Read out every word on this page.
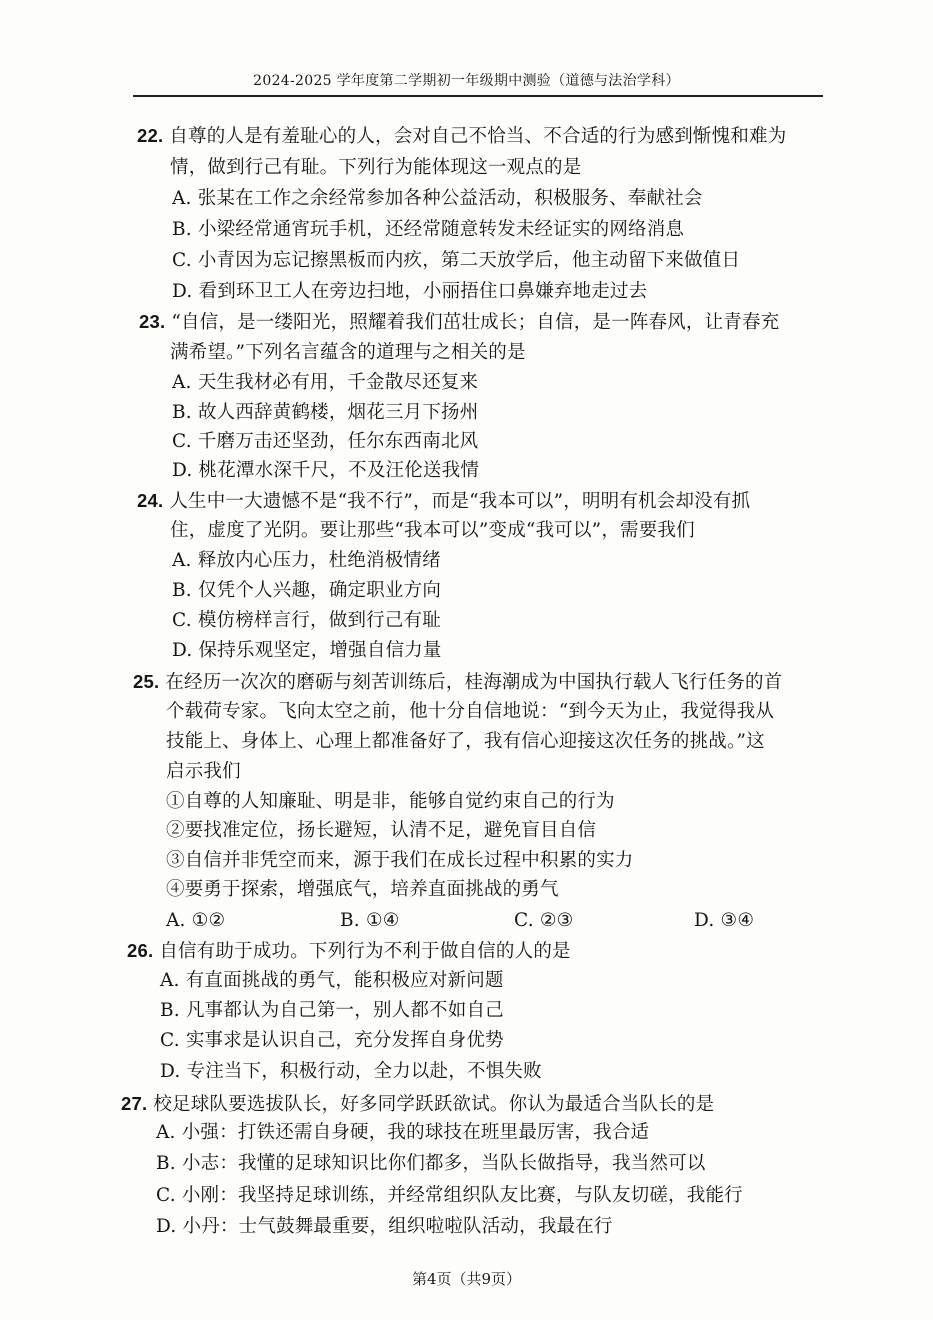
2024-2025 学年度第二学期初一年级期中测验（道德与法治学科）
22. 自尊的人是有羞耻心的人，会对自己不恰当、不合适的行为感到惭愧和难为
情，做到行己有耻。下列行为能体现这一观点的是
A. 张某在工作之余经常参加各种公益活动，积极服务、奉献社会
B. 小梁经常通宵玩手机，还经常随意转发未经证实的网络消息
C. 小青因为忘记擦黑板而内疚，第二天放学后，他主动留下来做值日
D. 看到环卫工人在旁边扫地，小丽捂住口鼻嫌弃地走过去
23. “自信，是一缕阳光，照耀着我们茁壮成长；自信，是一阵春风，让青春充
满希望。”下列名言蕴含的道理与之相关的是
A. 天生我材必有用，千金散尽还复来
B. 故人西辞黄鹤楼，烟花三月下扬州
C. 千磨万击还坚劲，任尔东西南北风
D. 桃花潭水深千尺，不及汪伦送我情
24. 人生中一大遗憾不是“我不行”，而是“我本可以”，明明有机会却没有抓
住，虚度了光阴。要让那些“我本可以”变成“我可以”，需要我们
A. 释放内心压力，杜绝消极情绪
B. 仅凭个人兴趣，确定职业方向
C. 模仿榜样言行，做到行己有耻
D. 保持乐观坚定，增强自信力量
25. 在经历一次次的磨砺与刻苦训练后，桂海潮成为中国执行载人飞行任务的首
个载荷专家。飞向太空之前，他十分自信地说：“到今天为止，我觉得我从
技能上、身体上、心理上都准备好了，我有信心迎接这次任务的挑战。”这
启示我们
①自尊的人知廉耻、明是非，能够自觉约束自己的行为
②要找准定位，扬长避短，认清不足，避免盲目自信
③自信并非凭空而来，源于我们在成长过程中积累的实力
④要勇于探索，增强底气，培养直面挑战的勇气
A. ①②	B. ①④	C. ②③	D. ③④
26. 自信有助于成功。下列行为不利于做自信的人的是
A. 有直面挑战的勇气，能积极应对新问题
B. 凡事都认为自己第一，别人都不如自己
C. 实事求是认识自己，充分发挥自身优势
D. 专注当下，积极行动，全力以赴，不惧失败
27. 校足球队要选拔队长，好多同学跃跃欲试。你认为最适合当队长的是
A. 小强：打铁还需自身硬，我的球技在班里最厉害，我合适
B. 小志：我懂的足球知识比你们都多，当队长做指导，我当然可以
C. 小刚：我坚持足球训练，并经常组织队友比赛，与队友切磋，我能行
D. 小丹：士气鼓舞最重要，组织啦啦队活动，我最在行
第4页（共9页）
